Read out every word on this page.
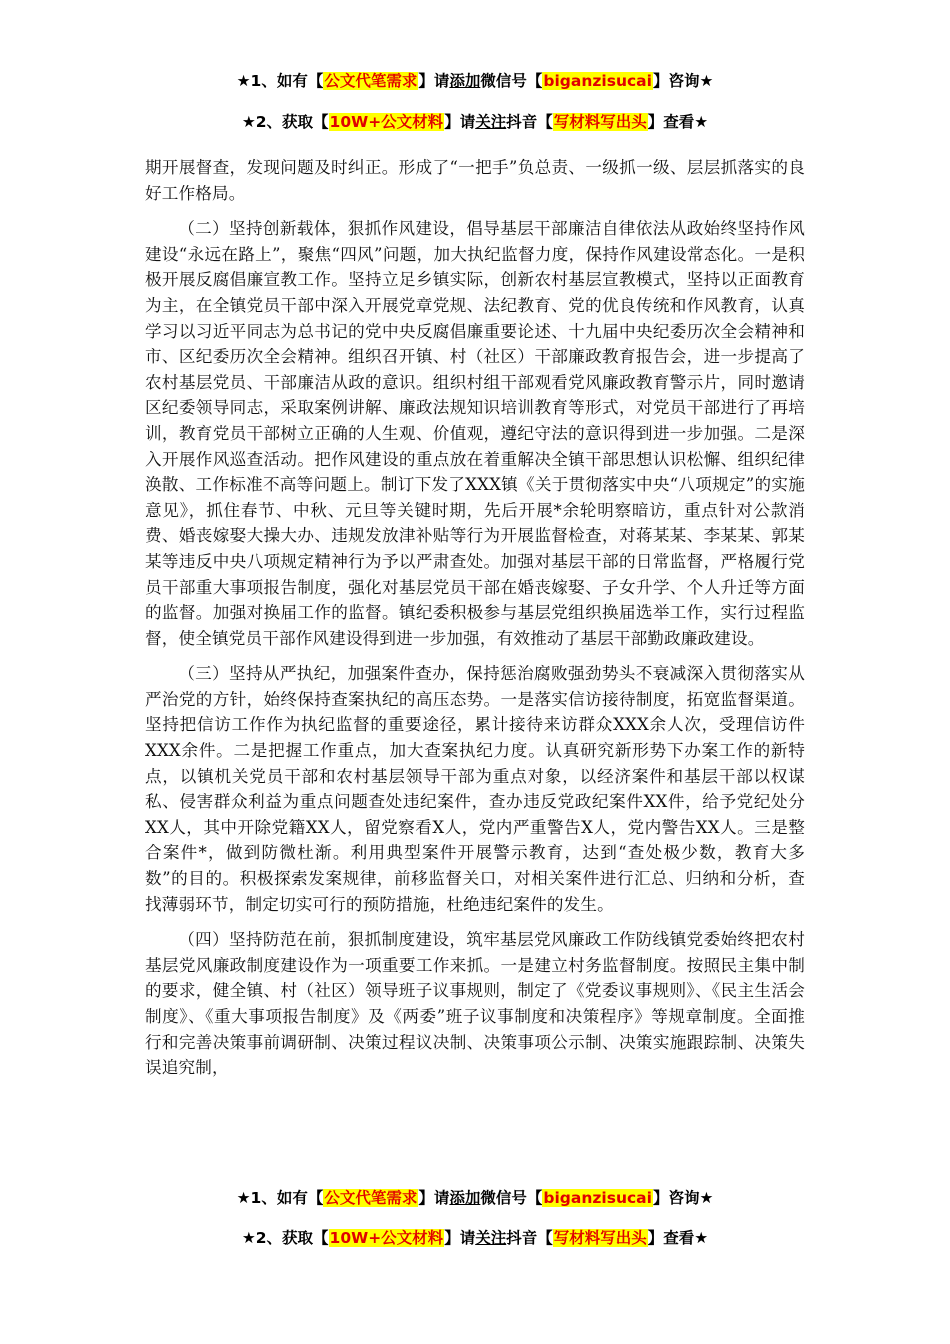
★1、如有【公文代笔需求】请添加微信号【biganzisucai】咨询★
★2、获取【10W+公文材料】请关注抖音【写材料写出头】查看★

期开展督查，发现问题及时纠正。形成了“一把手”负总责、一级抓一级、层层抓落实的良好工作格局。

（二）坚持创新载体，狠抓作风建设，倡导基层干部廉洁自律依法从政始终坚持作风建设“永远在路上”，聚焦“四风”问题，加大执纪监督力度，保持作风建设常态化。一是积极开展反腐倡廉宣教工作。坚持立足乡镇实际，创新农村基层宣教模式，坚持以正面教育为主，在全镇党员干部中深入开展党章党规、法纪教育、党的优良传统和作风教育，认真学习以习近平同志为总书记的党中央反腐倡廉重要论述、十九届中央纪委历次全会精神和市、区纪委历次全会精神。组织召开镇、村（社区）干部廉政教育报告会，进一步提高了农村基层党员、干部廉洁从政的意识。组织村组干部观看党风廉政教育警示片，同时邀请区纪委领导同志，采取案例讲解、廉政法规知识培训教育等形式，对党员干部进行了再培训，教育党员干部树立正确的人生观、价值观，遵纪守法的意识得到进一步加强。二是深入开展作风巡查活动。把作风建设的重点放在着重解决全镇干部思想认识松懈、组织纪律涣散、工作标准不高等问题上。制订下发了XXX镇《关于贯彻落实中央“八项规定”的实施意见》，抓住春节、中秋、元旦等关键时期，先后开展*余轮明察暗访，重点针对公款消费、婚丧嫁娶大操大办、违规发放津补贴等行为开展监督检查，对蒋某某、李某某、郭某某等违反中央八项规定精神行为予以严肃查处。加强对基层干部的日常监督，严格履行党员干部重大事项报告制度，强化对基层党员干部在婚丧嫁娶、子女升学、个人升迁等方面的监督。加强对换届工作的监督。镇纪委积极参与基层党组织换届选举工作，实行过程监督，使全镇党员干部作风建设得到进一步加强，有效推动了基层干部勤政廉政建设。

（三）坚持从严执纪，加强案件查办，保持惩治腐败强劲势头不衰减深入贯彻落实从严治党的方针，始终保持查案执纪的高压态势。一是落实信访接待制度，拓宽监督渠道。坚持把信访工作作为执纪监督的重要途径，累计接待来访群众XXX余人次，受理信访件XXX余件。二是把握工作重点，加大查案执纪力度。认真研究新形势下办案工作的新特点，以镇机关党员干部和农村基层领导干部为重点对象，以经济案件和基层干部以权谋私、侵害群众利益为重点问题查处违纪案件，查办违反党政纪案件XX件，给予党纪处分XX人，其中开除党籍XX人，留党察看X人，党内严重警告X人，党内警告XX人。三是整合案件*，做到防微杜渐。利用典型案件开展警示教育，达到“查处极少数，教育大多数”的目的。积极探索发案规律，前移监督关口，对相关案件进行汇总、归纳和分析，查找薄弱环节，制定切实可行的预防措施，杜绝违纪案件的发生。

（四）坚持防范在前，狠抓制度建设，筑牢基层党风廉政工作防线镇党委始终把农村基层党风廉政制度建设作为一项重要工作来抓。一是建立村务监督制度。按照民主集中制的要求，健全镇、村（社区）领导班子议事规则，制定了《党委议事规则》、《民主生活会制度》、《重大事项报告制度》及《两委”班子议事制度和决策程序》等规章制度。全面推行和完善决策事前调研制、决策过程议决制、决策事项公示制、决策实施跟踪制、决策失误追究制，

★1、如有【公文代笔需求】请添加微信号【biganzisucai】咨询★
★2、获取【10W+公文材料】请关注抖音【写材料写出头】查看★
